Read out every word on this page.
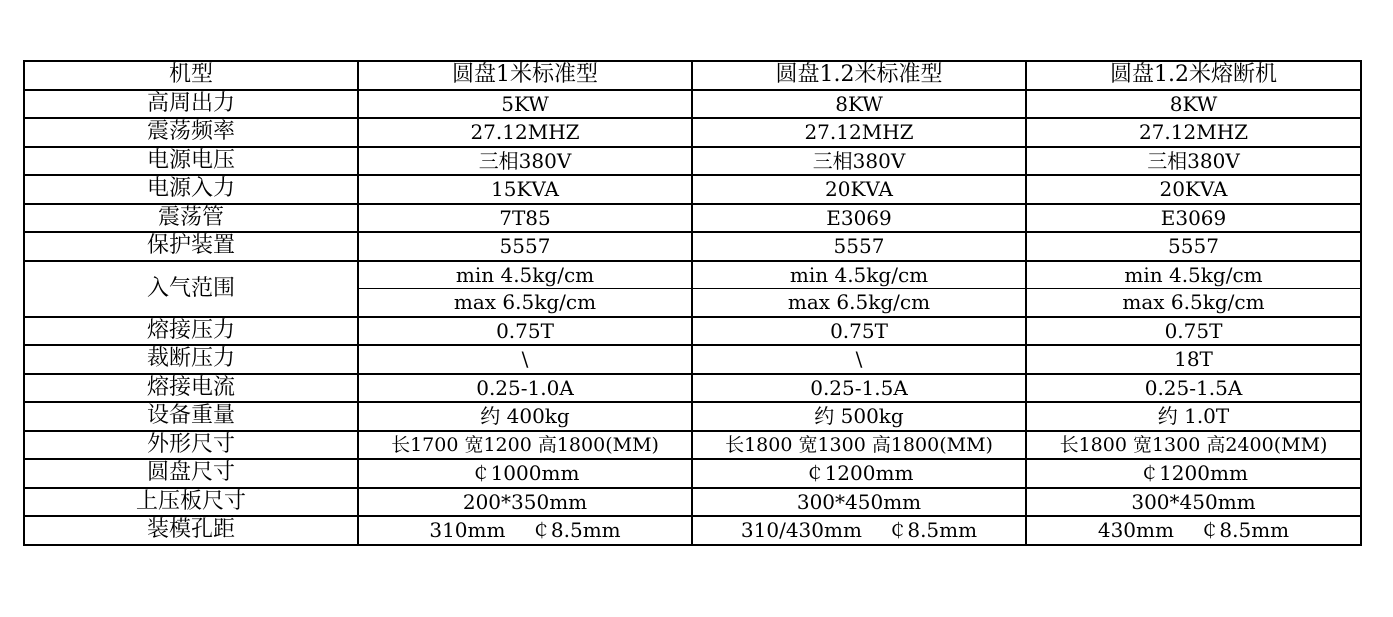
机型	圆盘1米标准型	圆盘1.2米标准型	圆盘1.2米熔断机
高周出力	5KW	8KW	8KW
震荡频率	27.12MHZ	27.12MHZ	27.12MHZ
电源电压	三相380V	三相380V	三相380V
电源入力	15KVA	20KVA	20KVA
震荡管	7T85	E3069	E3069
保护装置	5557	5557	5557
入气范围	min 4.5kg/cm	min 4.5kg/cm	min 4.5kg/cm
	max 6.5kg/cm	max 6.5kg/cm	max 6.5kg/cm
熔接压力	0.75T	0.75T	0.75T
裁断压力	\	\	18T
熔接电流	0.25-1.0A	0.25-1.5A	0.25-1.5A
设备重量	约 400kg	约 500kg	约 1.0T
外形尺寸	长1700 宽1200 高1800(MM)	长1800 宽1300 高1800(MM)	长1800 宽1300 高2400(MM)
圆盘尺寸	￠1000mm	￠1200mm	￠1200mm
上压板尺寸	200*350mm	300*450mm	300*450mm
装模孔距	310mm    ￠8.5mm	310/430mm    ￠8.5mm	430mm    ￠8.5mm
